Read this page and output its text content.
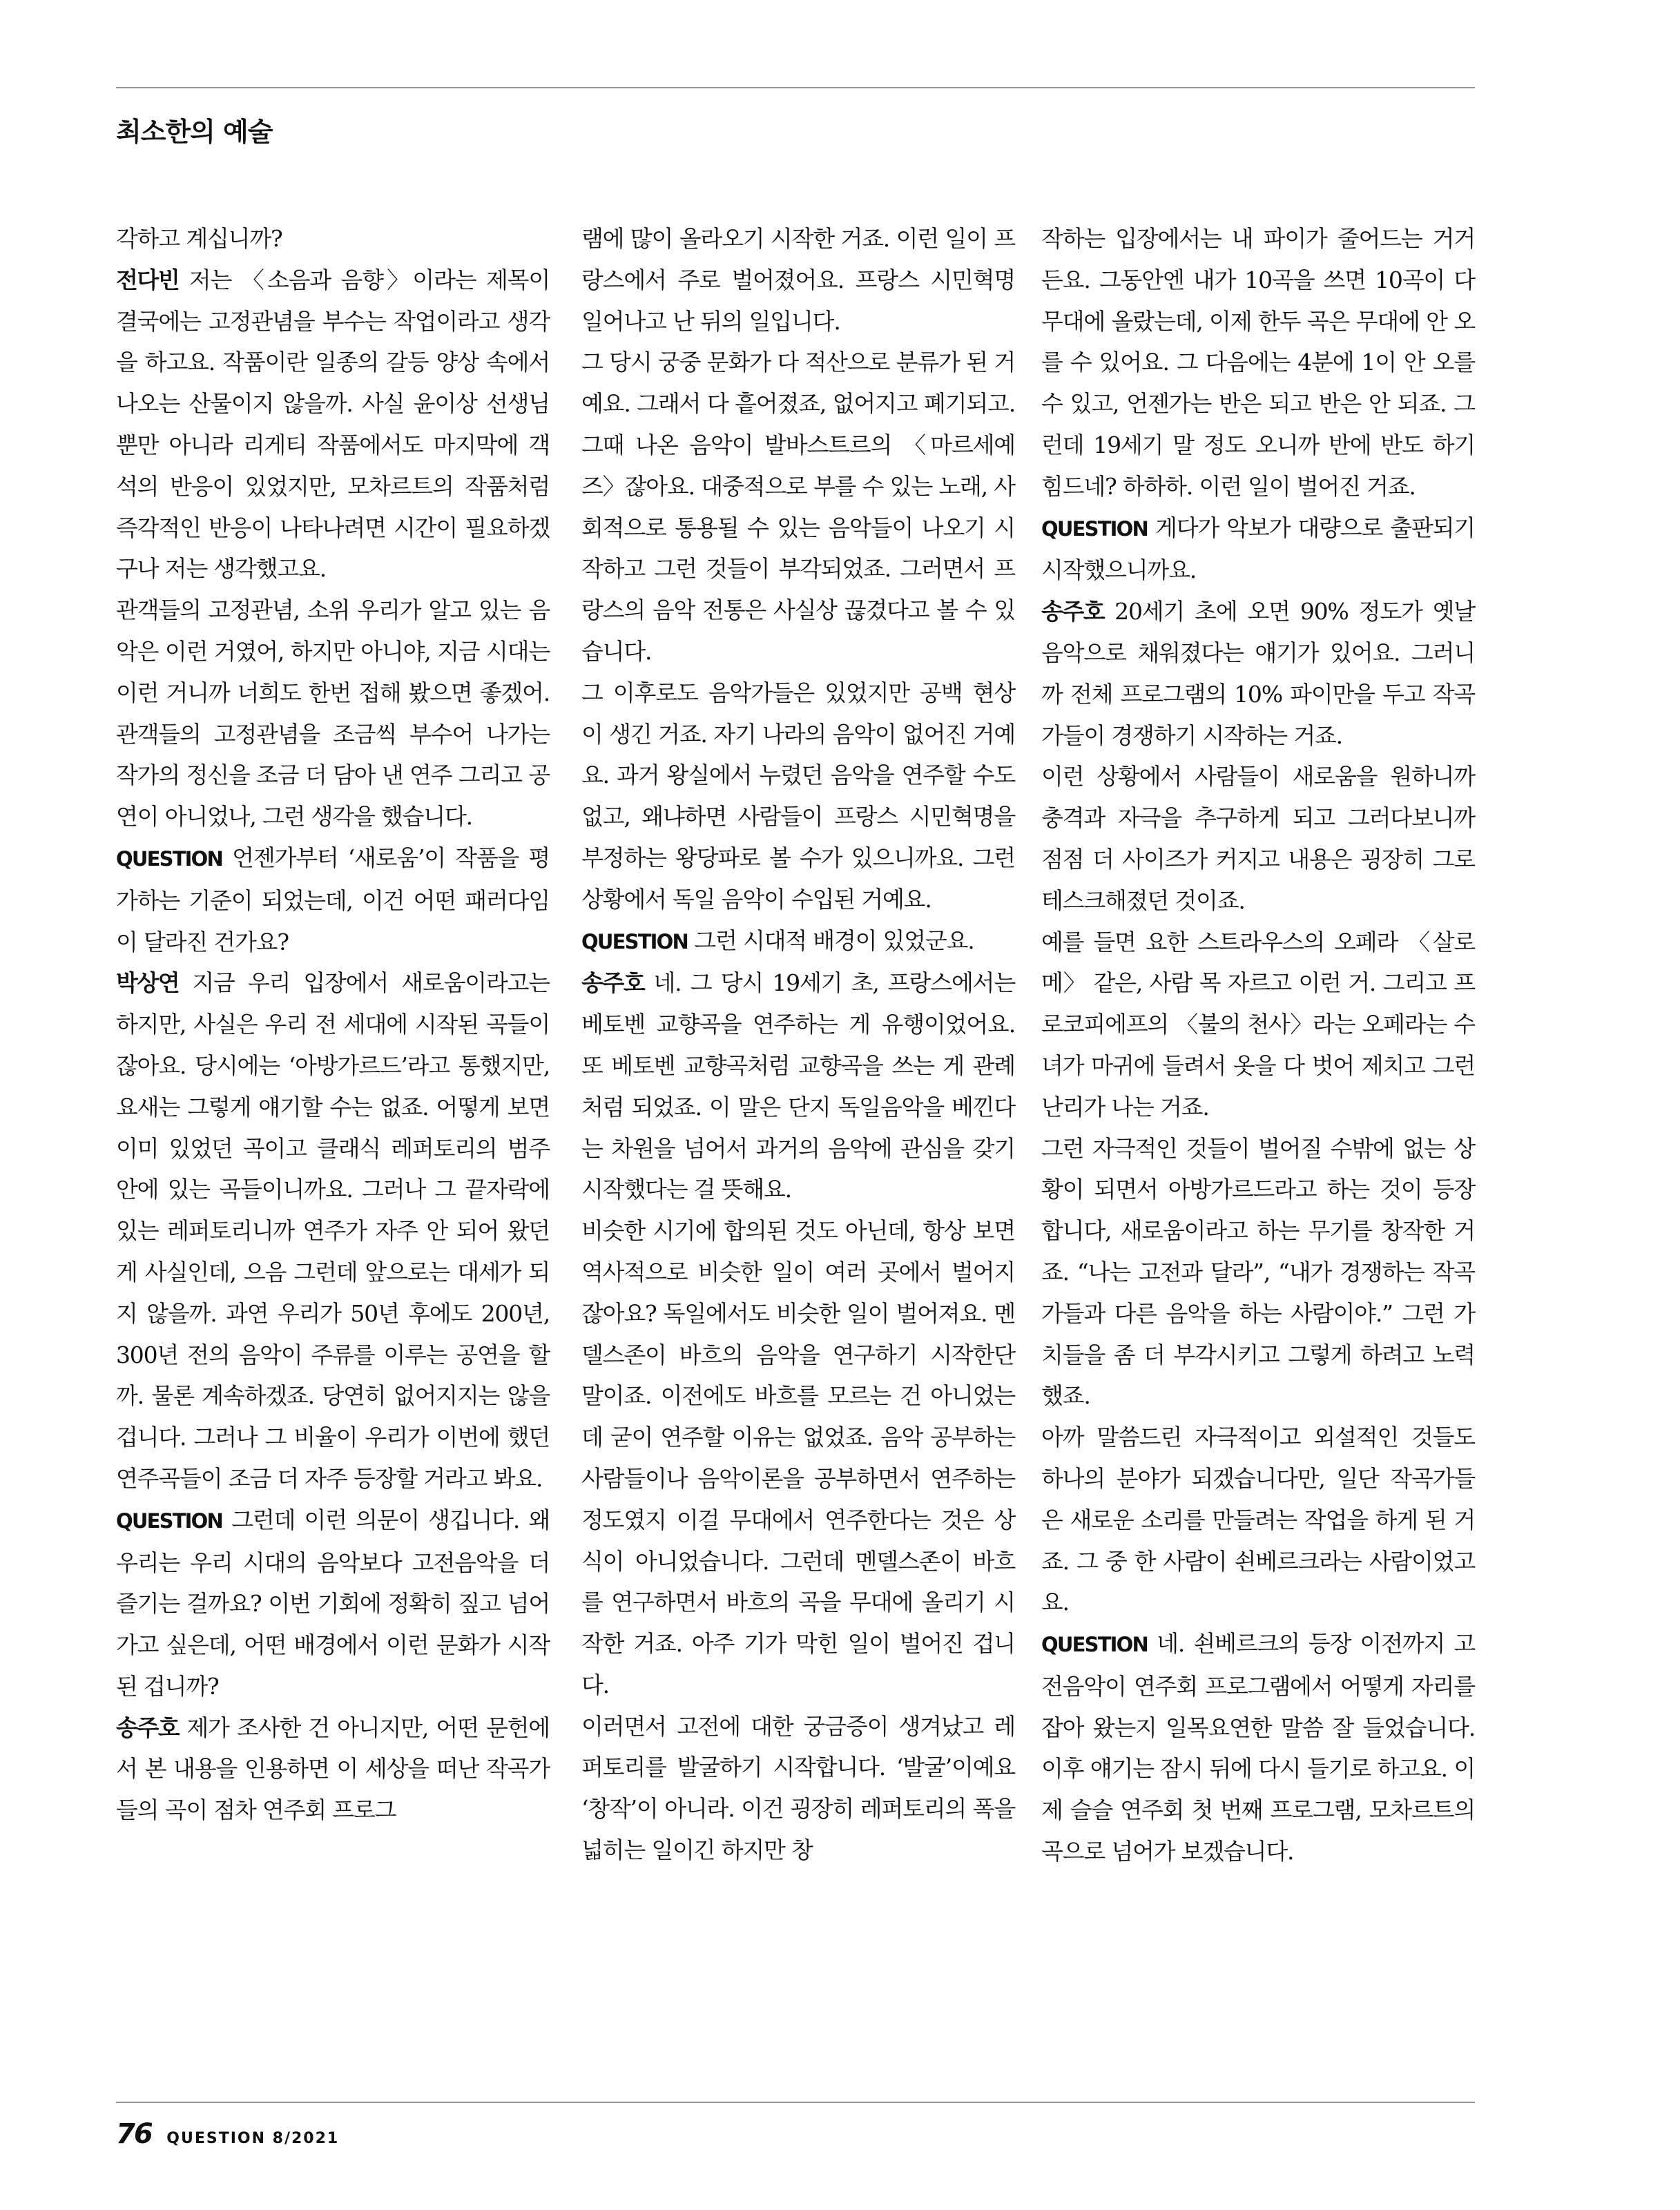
최소한의 예술

각하고 계십니까?

전다빈 저는 〈소음과 음향〉이라는 제목이 결국에는 고정관념을 부수는 작업이라고 생각을 하고요. 작품이란 일종의 갈등 양상 속에서 나오는 산물이지 않을까. 사실 윤이상 선생님뿐만 아니라 리게티 작품에서도 마지막에 객석의 반응이 있었지만, 모차르트의 작품처럼 즉각적인 반응이 나타나려면 시간이 필요하겠구나 저는 생각했고요.

관객들의 고정관념, 소위 우리가 알고 있는 음악은 이런 거였어, 하지만 아니야, 지금 시대는 이런 거니까 너희도 한번 접해 봤으면 좋겠어. 관객들의 고정관념을 조금씩 부수어 나가는 작가의 정신을 조금 더 담아 낸 연주 그리고 공연이 아니었나, 그런 생각을 했습니다.

QUESTION 언젠가부터 ‘새로움’이 작품을 평가하는 기준이 되었는데, 이건 어떤 패러다임이 달라진 건가요?

박상연 지금 우리 입장에서 새로움이라고는 하지만, 사실은 우리 전 세대에 시작된 곡들이잖아요. 당시에는 ‘아방가르드’라고 통했지만, 요새는 그렇게 얘기할 수는 없죠. 어떻게 보면 이미 있었던 곡이고 클래식 레퍼토리의 범주 안에 있는 곡들이니까요. 그러나 그 끝자락에 있는 레퍼토리니까 연주가 자주 안 되어 왔던 게 사실인데, 으음 그런데 앞으로는 대세가 되지 않을까. 과연 우리가 50년 후에도 200년, 300년 전의 음악이 주류를 이루는 공연을 할까. 물론 계속하겠죠. 당연히 없어지지는 않을 겁니다. 그러나 그 비율이 우리가 이번에 했던 연주곡들이 조금 더 자주 등장할 거라고 봐요.

QUESTION 그런데 이런 의문이 생깁니다. 왜 우리는 우리 시대의 음악보다 고전음악을 더 즐기는 걸까요? 이번 기회에 정확히 짚고 넘어가고 싶은데, 어떤 배경에서 이런 문화가 시작된 겁니까?

송주호 제가 조사한 건 아니지만, 어떤 문헌에서 본 내용을 인용하면 이 세상을 떠난 작곡가들의 곡이 점차 연주회 프로그

램에 많이 올라오기 시작한 거죠. 이런 일이 프랑스에서 주로 벌어졌어요. 프랑스 시민혁명 일어나고 난 뒤의 일입니다.

그 당시 궁중 문화가 다 적산으로 분류가 된 거예요. 그래서 다 흩어졌죠, 없어지고 폐기되고. 그때 나온 음악이 발바스트르의 〈마르세예즈〉잖아요. 대중적으로 부를 수 있는 노래, 사회적으로 통용될 수 있는 음악들이 나오기 시작하고 그런 것들이 부각되었죠. 그러면서 프랑스의 음악 전통은 사실상 끊겼다고 볼 수 있습니다.

그 이후로도 음악가들은 있었지만 공백 현상이 생긴 거죠. 자기 나라의 음악이 없어진 거예요. 과거 왕실에서 누렸던 음악을 연주할 수도 없고, 왜냐하면 사람들이 프랑스 시민혁명을 부정하는 왕당파로 볼 수가 있으니까요. 그런 상황에서 독일 음악이 수입된 거예요.

QUESTION 그런 시대적 배경이 있었군요.

송주호 네. 그 당시 19세기 초, 프랑스에서는 베토벤 교향곡을 연주하는 게 유행이었어요. 또 베토벤 교향곡처럼 교향곡을 쓰는 게 관례처럼 되었죠. 이 말은 단지 독일음악을 베낀다는 차원을 넘어서 과거의 음악에 관심을 갖기 시작했다는 걸 뜻해요.

비슷한 시기에 합의된 것도 아닌데, 항상 보면 역사적으로 비슷한 일이 여러 곳에서 벌어지잖아요? 독일에서도 비슷한 일이 벌어져요. 멘델스존이 바흐의 음악을 연구하기 시작한단 말이죠. 이전에도 바흐를 모르는 건 아니었는데 굳이 연주할 이유는 없었죠. 음악 공부하는 사람들이나 음악이론을 공부하면서 연주하는 정도였지 이걸 무대에서 연주한다는 것은 상식이 아니었습니다. 그런데 멘델스존이 바흐를 연구하면서 바흐의 곡을 무대에 올리기 시작한 거죠. 아주 기가 막힌 일이 벌어진 겁니다.

이러면서 고전에 대한 궁금증이 생겨났고 레퍼토리를 발굴하기 시작합니다. ‘발굴’이예요 ‘창작’이 아니라. 이건 굉장히 레퍼토리의 폭을 넓히는 일이긴 하지만 창

작하는 입장에서는 내 파이가 줄어드는 거거든요. 그동안엔 내가 10곡을 쓰면 10곡이 다 무대에 올랐는데, 이제 한두 곡은 무대에 안 오를 수 있어요. 그 다음에는 4분에 1이 안 오를 수 있고, 언젠가는 반은 되고 반은 안 되죠. 그런데 19세기 말 정도 오니까 반에 반도 하기 힘드네? 하하하. 이런 일이 벌어진 거죠.

QUESTION 게다가 악보가 대량으로 출판되기 시작했으니까요.

송주호 20세기 초에 오면 90% 정도가 옛날 음악으로 채워졌다는 얘기가 있어요. 그러니까 전체 프로그램의 10% 파이만을 두고 작곡가들이 경쟁하기 시작하는 거죠.

이런 상황에서 사람들이 새로움을 원하니까 충격과 자극을 추구하게 되고 그러다보니까 점점 더 사이즈가 커지고 내용은 굉장히 그로테스크해졌던 것이죠.

예를 들면 요한 스트라우스의 오페라 〈살로메〉 같은, 사람 목 자르고 이런 거. 그리고 프로코피에프의 〈불의 천사〉라는 오페라는 수녀가 마귀에 들려서 옷을 다 벗어 제치고 그런 난리가 나는 거죠.

그런 자극적인 것들이 벌어질 수밖에 없는 상황이 되면서 아방가르드라고 하는 것이 등장합니다, 새로움이라고 하는 무기를 창작한 거죠. “나는 고전과 달라”, “내가 경쟁하는 작곡가들과 다른 음악을 하는 사람이야.” 그런 가치들을 좀 더 부각시키고 그렇게 하려고 노력했죠.

아까 말씀드린 자극적이고 외설적인 것들도 하나의 분야가 되겠습니다만, 일단 작곡가들은 새로운 소리를 만들려는 작업을 하게 된 거죠. 그 중 한 사람이 쇤베르크라는 사람이었고요.

QUESTION 네. 쇤베르크의 등장 이전까지 고전음악이 연주회 프로그램에서 어떻게 자리를 잡아 왔는지 일목요연한 말씀 잘 들었습니다. 이후 얘기는 잠시 뒤에 다시 들기로 하고요. 이제 슬슬 연주회 첫 번째 프로그램, 모차르트의 곡으로 넘어가 보겠습니다.

76 QUESTION 8/2021
